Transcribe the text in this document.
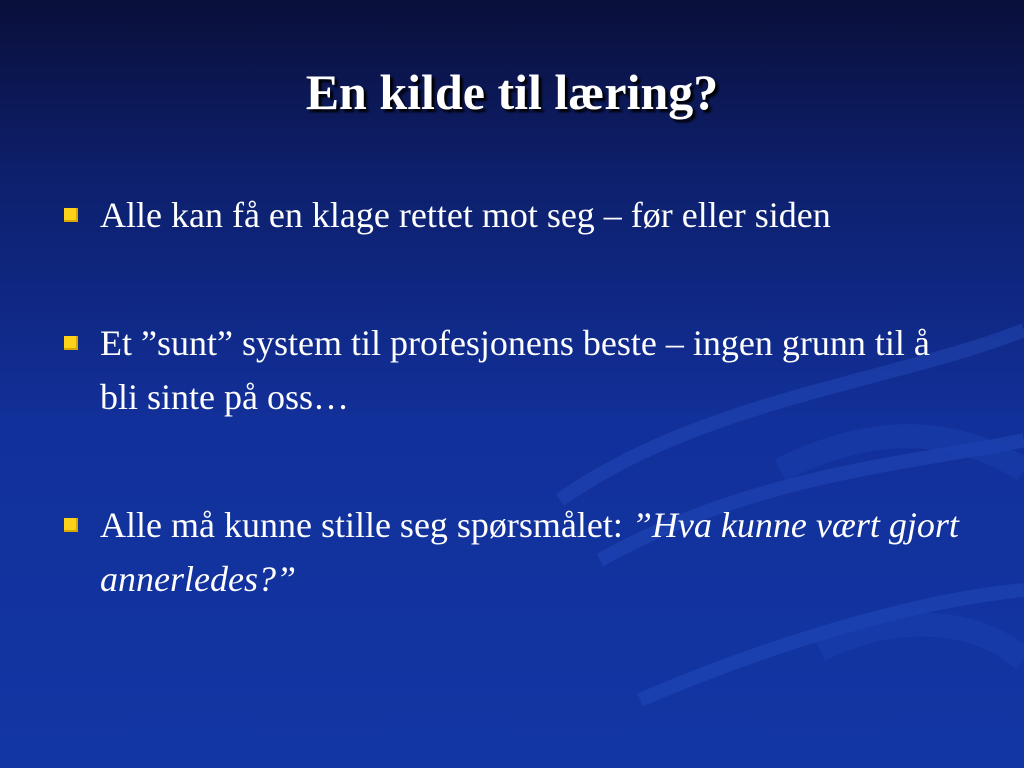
En kilde til læring?
Alle kan få en klage rettet mot seg – før eller siden
Et ”sunt” system til profesjonens beste – ingen grunn til å bli sinte på oss…
Alle må kunne stille seg spørsmålet: ”Hva kunne vært gjort annerledes?”
